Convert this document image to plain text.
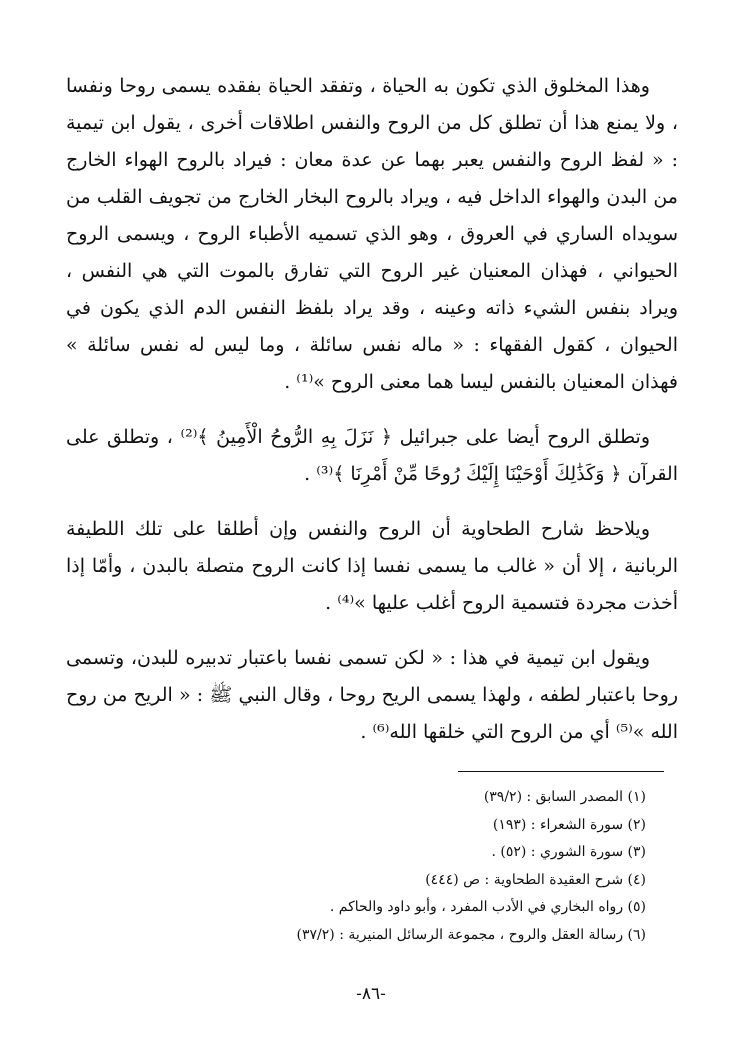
وهذا المخلوق الذي تكون به الحياة ، وتفقد الحياة بفقده يسمى روحا ونفسا ، ولا يمنع هذا أن تطلق كل من الروح والنفس اطلاقات أخرى ، يقول ابن تيمية : « لفظ الروح والنفس يعبر بهما عن عدة معان : فيراد بالروح الهواء الخارج من البدن والهواء الداخل فيه ، ويراد بالروح البخار الخارج من تجويف القلب من سويداه الساري في العروق ، وهو الذي تسميه الأطباء الروح ، ويسمى الروح الحيواني ، فهذان المعنيان غير الروح التي تفارق بالموت التي هي النفس ، ويراد بنفس الشيء ذاته وعينه ، وقد يراد بلفظ النفس الدم الذي يكون في الحيوان ، كقول الفقهاء : « ماله نفس سائلة ، وما ليس له نفس سائلة » فهذان المعنيان بالنفس ليسا هما معنى الروح »⁽¹⁾ .

وتطلق الروح أيضا على جبرائيل ﴿ نَزَلَ بِهِ الرُّوحُ الْأَمِينُ ﴾⁽²⁾ ، وتطلق على القرآن ﴿ وَكَذَٰلِكَ أَوْحَيْنَا إِلَيْكَ رُوحًا مِّنْ أَمْرِنَا ﴾⁽³⁾ .

ويلاحظ شارح الطحاوية أن الروح والنفس وإن أطلقا على تلك اللطيفة الربانية ، إلا أن « غالب ما يسمى نفسا إذا كانت الروح متصلة بالبدن ، وأمّا إذا أخذت مجردة فتسمية الروح أغلب عليها »⁽⁴⁾ .

ويقول ابن تيمية في هذا : « لكن تسمى نفسا باعتبار تدبيره للبدن، وتسمى روحا باعتبار لطفه ، ولهذا يسمى الريح روحا ، وقال النبي ﷺ : « الريح من روح الله »⁽⁵⁾ أي من الروح التي خلقها الله⁽⁶⁾ .

(١) المصدر السابق : (٣٩/٢)
(٢) سورة الشعراء : (١٩٣)
(٣) سورة الشوري : (٥٢) .
(٤) شرح العقيدة الطحاوية : ص (٤٤٤)
(٥) رواه البخاري في الأدب المفرد ، وأبو داود والحاكم .
(٦) رسالة العقل والروح ، مجموعة الرسائل المنيرية : (٣٧/٢)
-٨٦-
